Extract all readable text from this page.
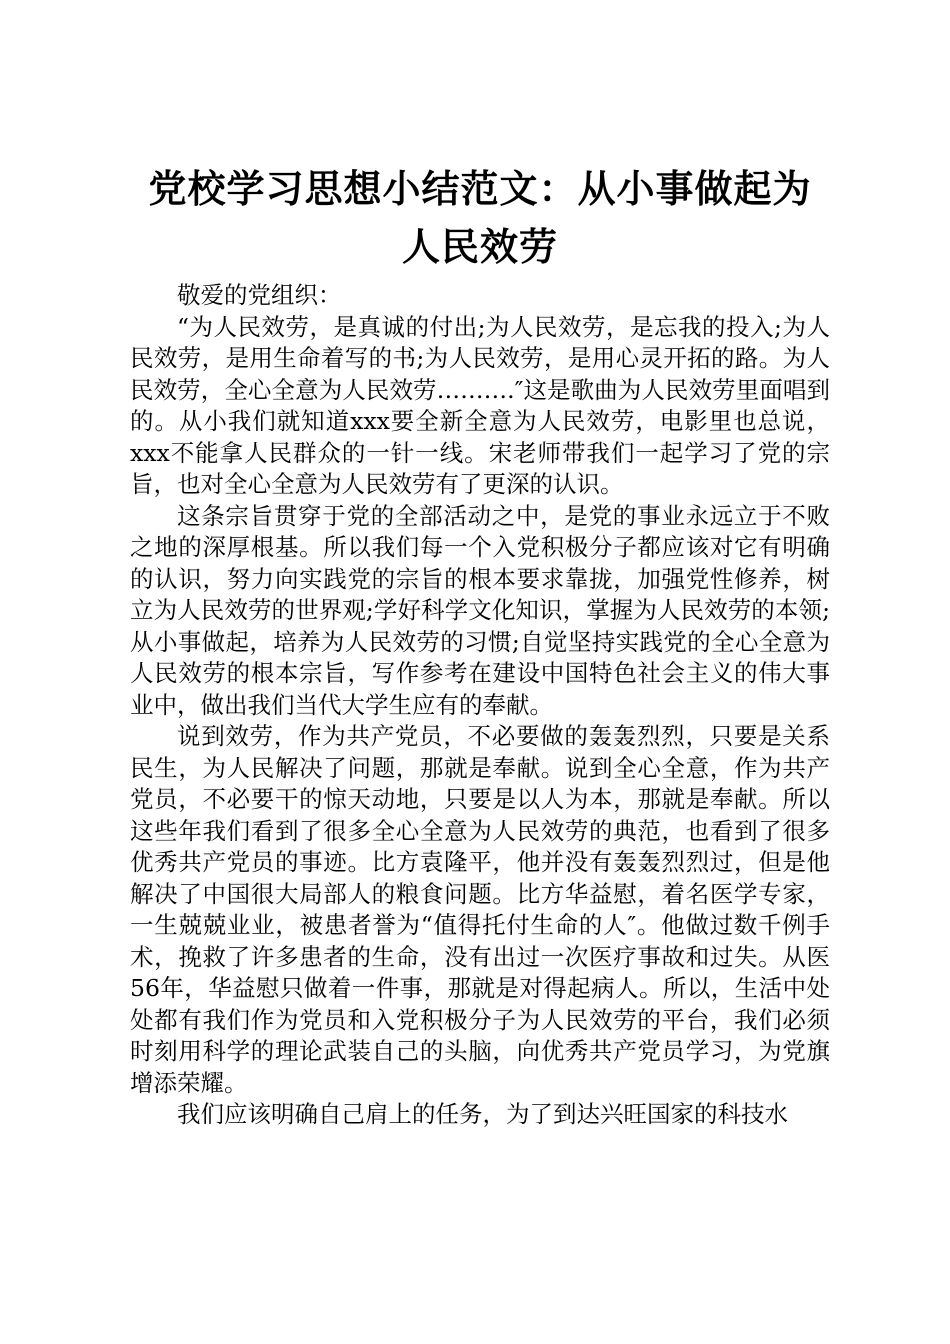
党校学习思想小结范文：从小事做起为人民效劳

敬爱的党组织：

“为人民效劳，是真诚的付出;为人民效劳，是忘我的投入;为人民效劳，是用生命着写的书;为人民效劳，是用心灵开拓的路。为人民效劳，全心全意为人民效劳……….″这是歌曲为人民效劳里面唱到的。从小我们就知道xxx要全新全意为人民效劳，电影里也总说，xxx不能拿人民群众的一针一线。宋老师带我们一起学习了党的宗旨，也对全心全意为人民效劳有了更深的认识。

这条宗旨贯穿于党的全部活动之中，是党的事业永远立于不败之地的深厚根基。所以我们每一个入党积极分子都应该对它有明确的认识，努力向实践党的宗旨的根本要求靠拢，加强党性修养，树立为人民效劳的世界观;学好科学文化知识，掌握为人民效劳的本领;从小事做起，培养为人民效劳的习惯;自觉坚持实践党的全心全意为人民效劳的根本宗旨，写作参考在建设中国特色社会主义的伟大事业中，做出我们当代大学生应有的奉献。

说到效劳，作为共产党员，不必要做的轰轰烈烈，只要是关系民生，为人民解决了问题，那就是奉献。说到全心全意，作为共产党员，不必要干的惊天动地，只要是以人为本，那就是奉献。所以这些年我们看到了很多全心全意为人民效劳的典范，也看到了很多优秀共产党员的事迹。比方袁隆平，他并没有轰轰烈烈过，但是他解决了中国很大局部人的粮食问题。比方华益慰，着名医学专家，一生兢兢业业，被患者誉为“值得托付生命的人″。他做过数千例手术，挽救了许多患者的生命，没有出过一次医疗事故和过失。从医56年，华益慰只做着一件事，那就是对得起病人。所以，生活中处处都有我们作为党员和入党积极分子为人民效劳的平台，我们必须时刻用科学的理论武装自己的头脑，向优秀共产党员学习，为党旗增添荣耀。

我们应该明确自己肩上的任务，为了到达兴旺国家的科技水
